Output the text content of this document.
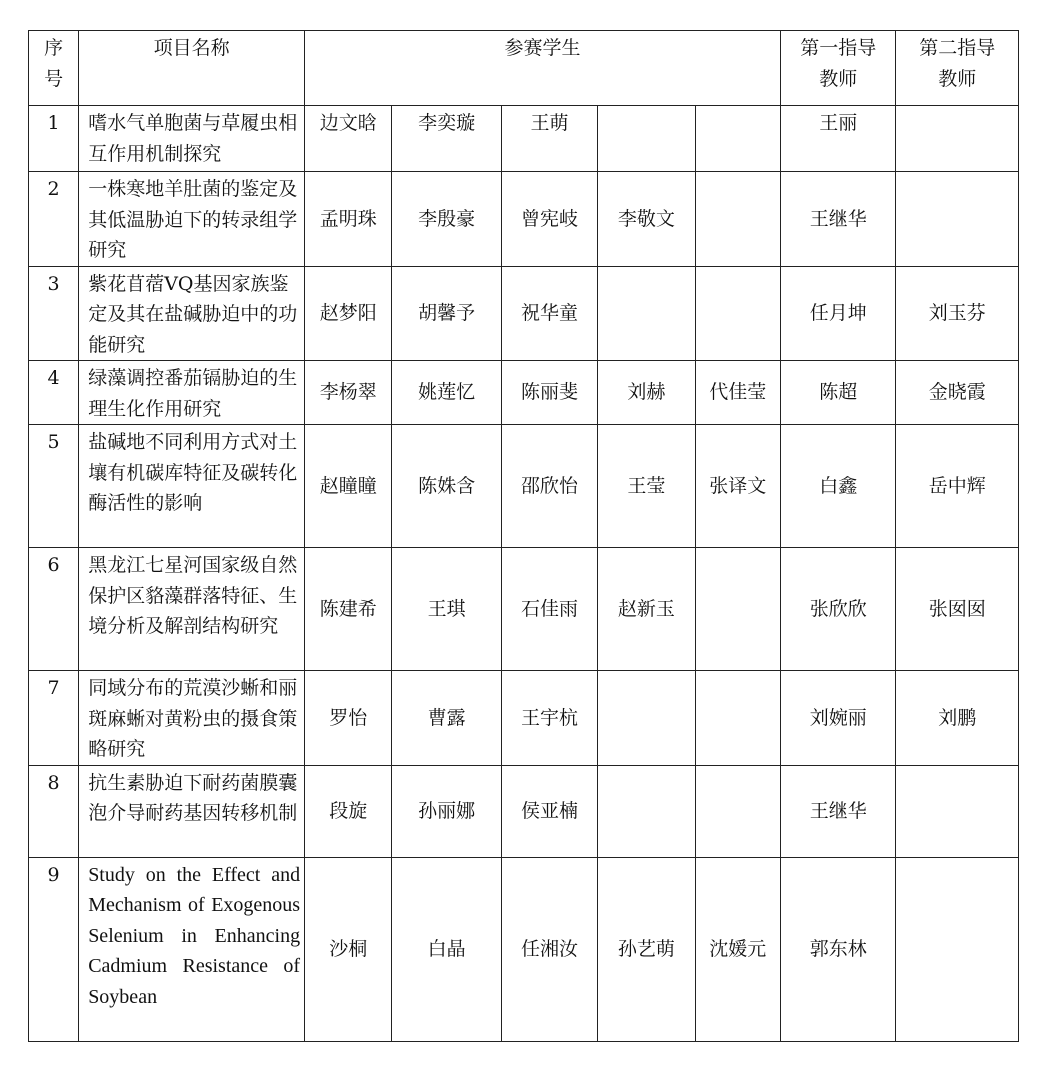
序号	项目名称	参赛学生					第一指导教师	第二指导教师
1	嗜水气单胞菌与草履虫相互作用机制探究	边文晗	李奕璇	王萌			王丽	
2	一株寒地羊肚菌的鉴定及其低温胁迫下的转录组学研究	孟明珠	李殷豪	曾宪岐	李敬文		王继华	
3	紫花苜蓿VQ基因家族鉴定及其在盐碱胁迫中的功能研究	赵梦阳	胡馨予	祝华童			任月坤	刘玉芬
4	绿藻调控番茄镉胁迫的生理生化作用研究	李杨翠	姚莲忆	陈丽斐	刘赫	代佳莹	陈超	金晓霞
5	盐碱地不同利用方式对土壤有机碳库特征及碳转化酶活性的影响	赵瞳瞳	陈姝含	邵欣怡	王莹	张译文	白鑫	岳中辉
6	黑龙江七星河国家级自然保护区貉藻群落特征、生境分析及解剖结构研究	陈建希	王琪	石佳雨	赵新玉		张欣欣	张囡囡
7	同域分布的荒漠沙蜥和丽斑麻蜥对黄粉虫的摄食策略研究	罗怡	曹露	王宇杭			刘婉丽	刘鹏
8	抗生素胁迫下耐药菌膜囊泡介导耐药基因转移机制	段旋	孙丽娜	侯亚楠			王继华	
9	Study on the Effect and Mechanism of Exogenous Selenium in Enhancing Cadmium Resistance of Soybean	沙桐	白晶	任湘汝	孙艺萌	沈媛元	郭东林	
